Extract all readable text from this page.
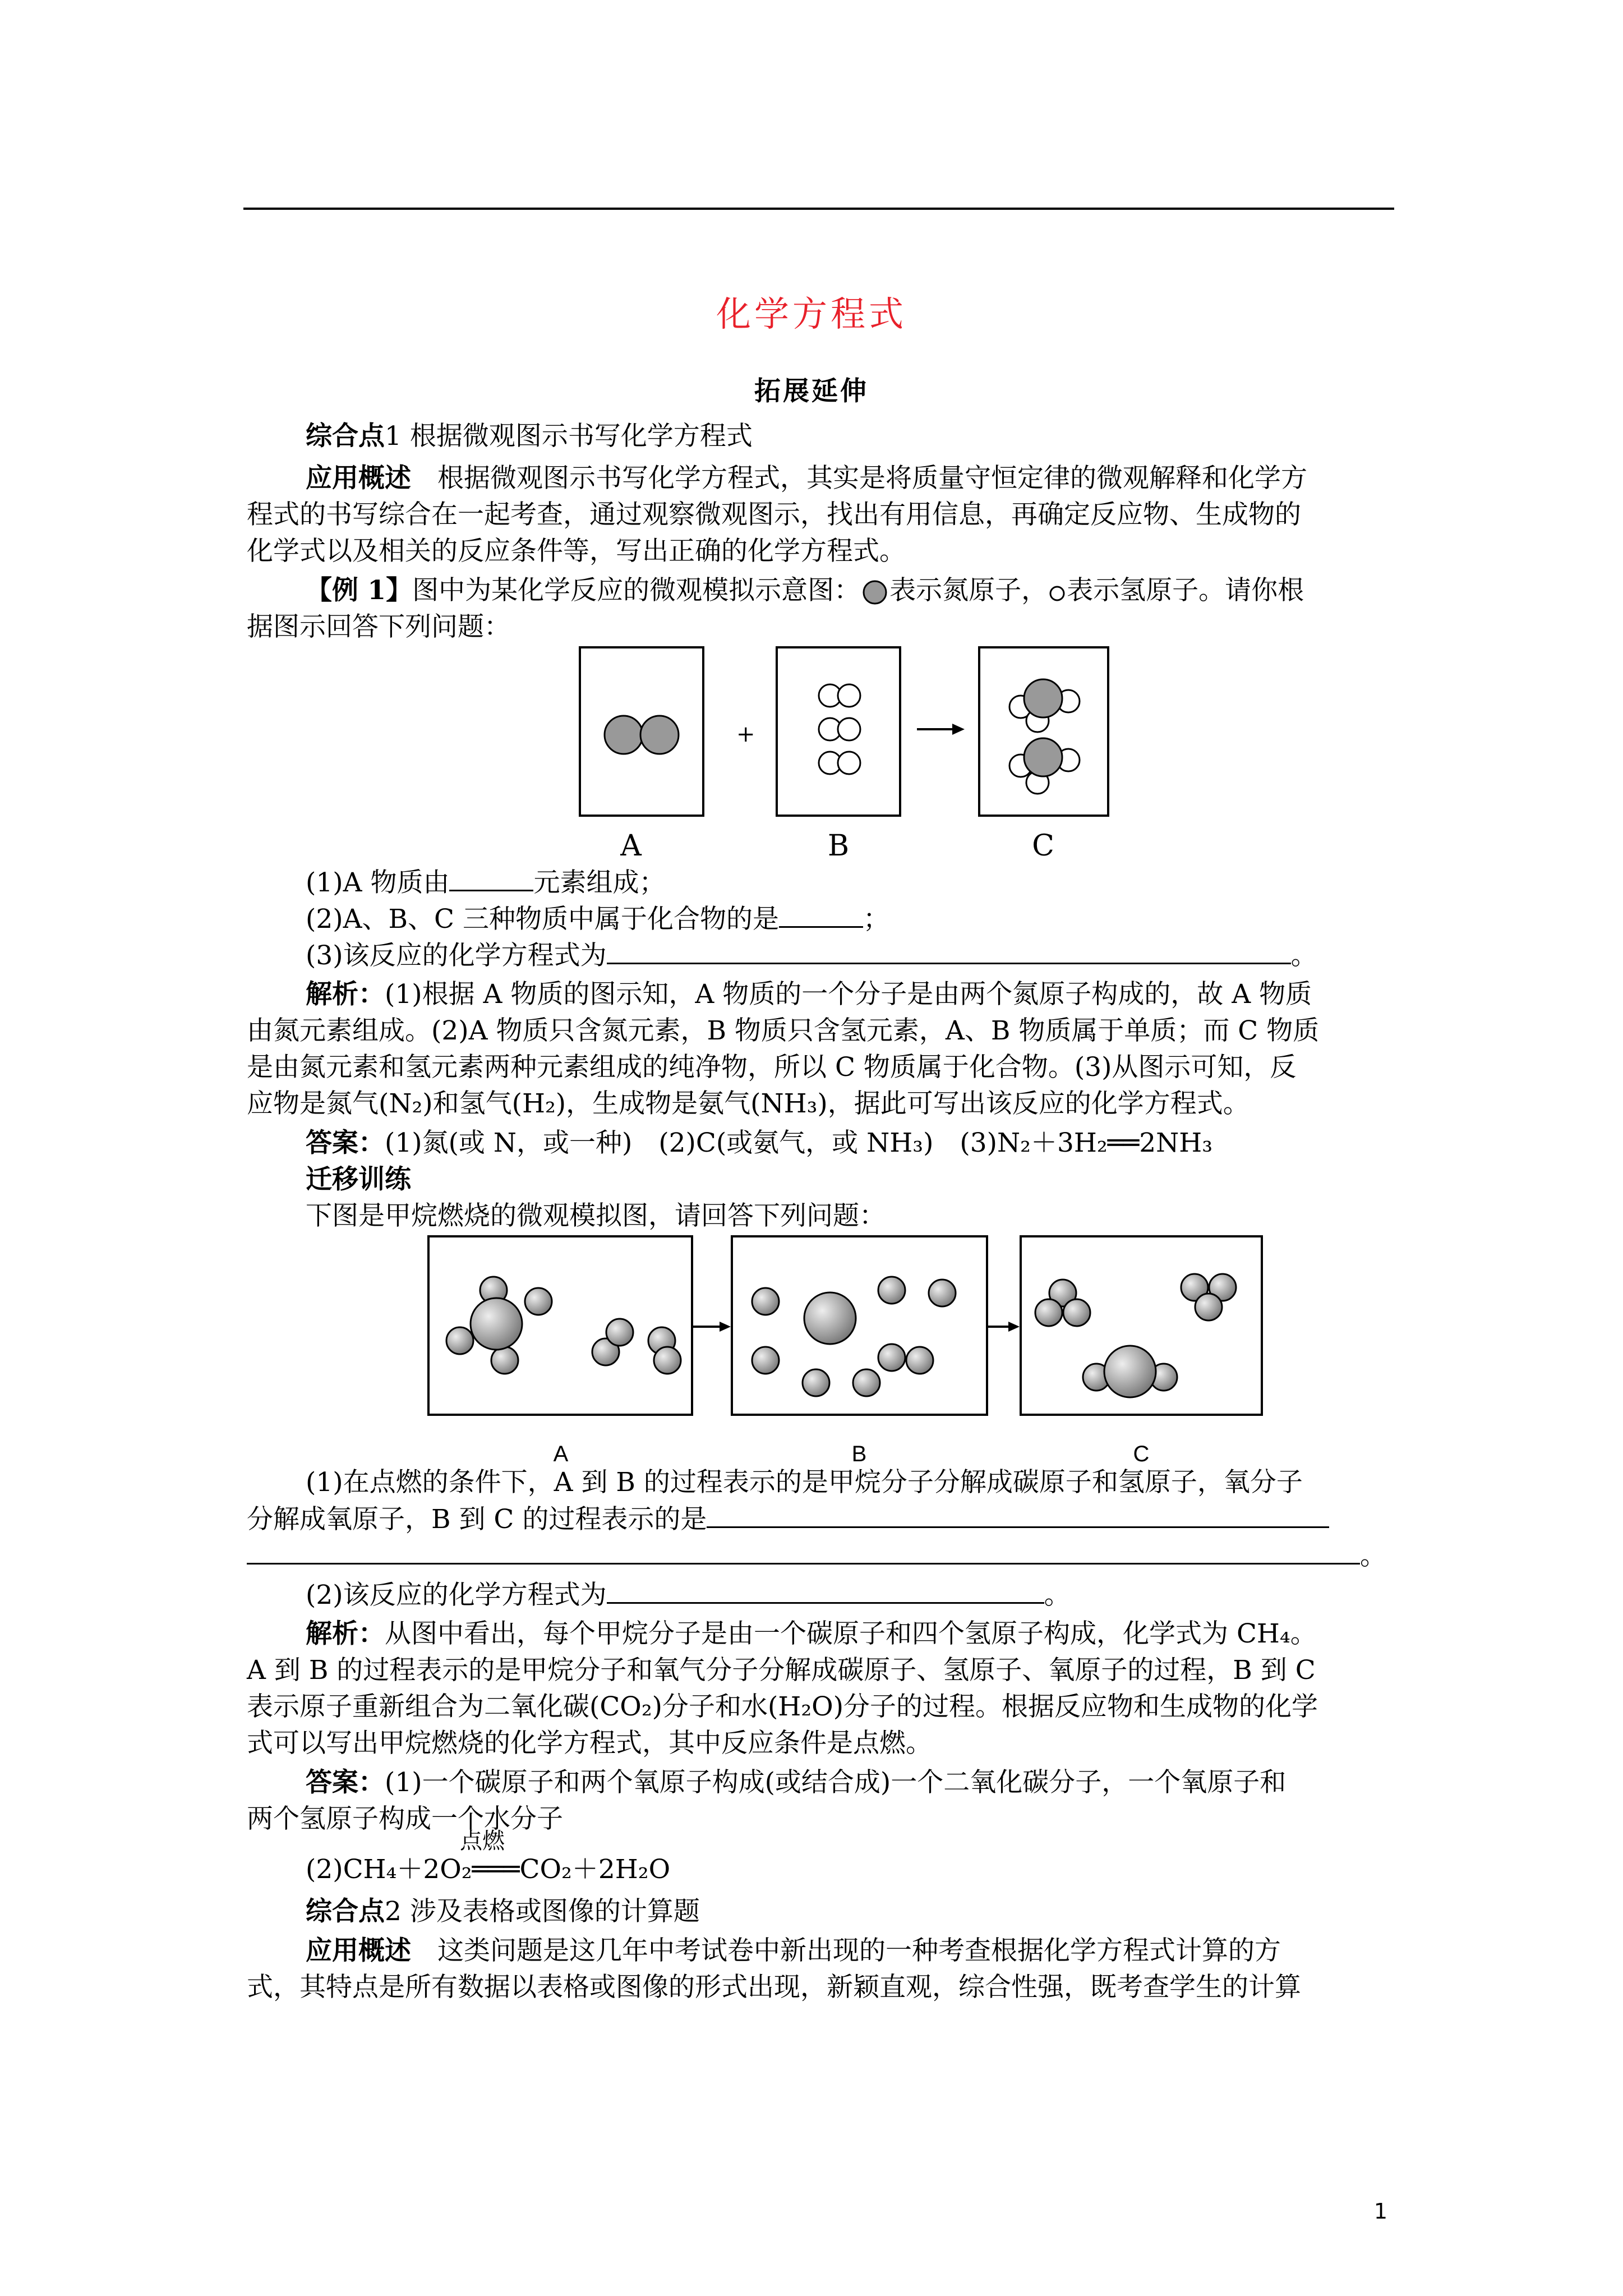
化学方程式
拓展延伸
综合点1 根据微观图示书写化学方程式
应用概述　 根据微观图示书写化学方程式，其实是将质量守恒定律的微观解释和化学方
程式的书写综合在一起考查，通过观察微观图示，找出有用信息，再确定反应物、生成物的
化学式以及相关的反应条件等，写出正确的化学方程式。
【例 1】图中为某化学反应的微观模拟示意图： 表示氮原子， 表示氢原子。请你根
据图示回答下列问题：
+
A	B	C
(1)A 物质由	元素组成；
(2)A、B、C 三种物质中属于化合物的是	；
(3)该反应的化学方程式为	。
解析：(1)根据 A 物质的图示知，A 物质的一个分子是由两个氮原子构成的，故 A 物质
由氮元素组成。(2)A 物质只含氮元素，B 物质只含氢元素，A、B 物质属于单质；而 C 物质
是由氮元素和氢元素两种元素组成的纯净物，所以 C 物质属于化合物。(3)从图示可知，反
应物是氮气(N₂)和氢气(H₂)，生成物是氨气(NH₃)，据此可写出该反应的化学方程式。
答案：(1)氮(或 N，或一种)　(2)C(或氨气，或 NH₃)　(3)N₂＋3H₂══2NH₃
迁移训练
下图是甲烷燃烧的微观模拟图，请回答下列问题：
A	B	C
(1)在点燃的条件下，A 到 B 的过程表示的是甲烷分子分解成碳原子和氢原子，氧分子
分解成氧原子，B 到 C 的过程表示的是
。
(2)该反应的化学方程式为	。
解析：从图中看出，每个甲烷分子是由一个碳原子和四个氢原子构成，化学式为 CH₄。
A 到 B 的过程表示的是甲烷分子和氧气分子分解成碳原子、氢原子、氧原子的过程，B 到 C
表示原子重新组合为二氧化碳(CO₂)分子和水(H₂O)分子的过程。根据反应物和生成物的化学
式可以写出甲烷燃烧的化学方程式，其中反应条件是点燃。
答案：(1)一个碳原子和两个氧原子构成(或结合成)一个二氧化碳分子，一个氧原子和
两个氢原子构成一个水分子
点燃
(2)CH₄＋2O₂═══CO₂＋2H₂O
综合点2 涉及表格或图像的计算题
应用概述　 这类问题是这几年中考试卷中新出现的一种考查根据化学方程式计算的方
式，其特点是所有数据以表格或图像的形式出现，新颖直观，综合性强，既考查学生的计算
1
